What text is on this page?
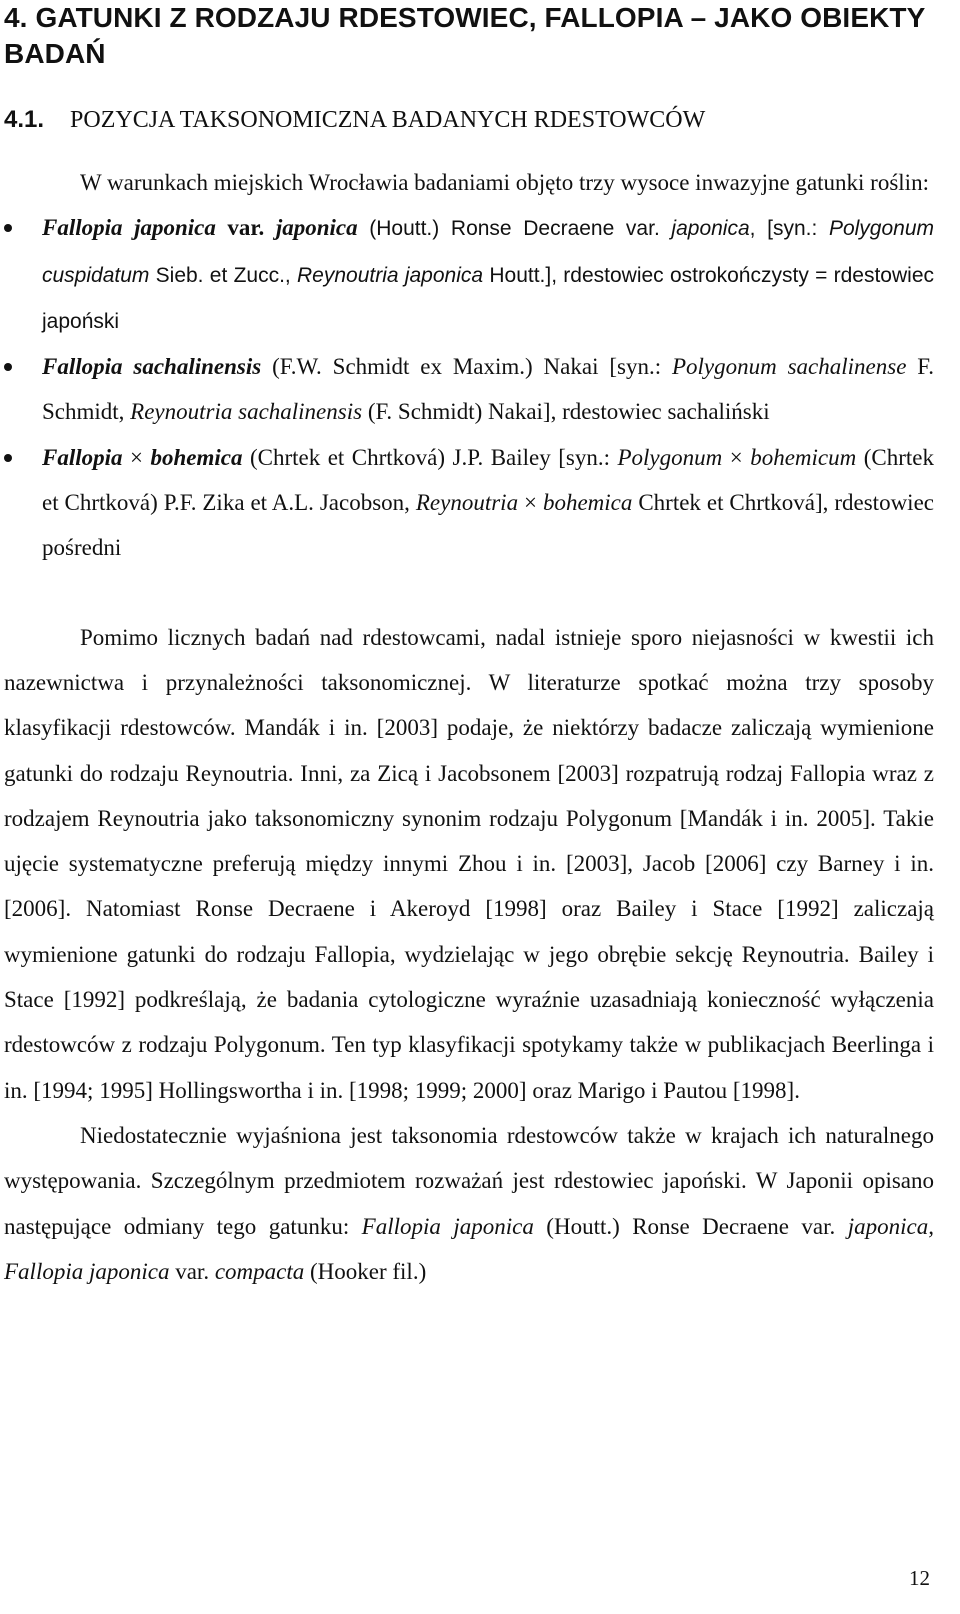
4. GATUNKI Z RODZAJU RDESTOWIEC, FALLOPIA – JAKO OBIEKTY BADAŃ
4.1. POZYCJA TAKSONOMICZNA BADANYCH RDESTOWCÓW

W warunkach miejskich Wrocławia badaniami objęto trzy wysoce inwazyjne gatunki roślin:

Fallopia japonica var. japonica (Houtt.) Ronse Decraene var. japonica, [syn.: Polygonum cuspidatum Sieb. et Zucc., Reynoutria japonica Houtt.], rdestowiec ostrokończysty = rdestowiec japoński
Fallopia sachalinensis (F.W. Schmidt ex Maxim.) Nakai [syn.: Polygonum sachalinense F. Schmidt, Reynoutria sachalinensis (F. Schmidt) Nakai], rdestowiec sachaliński
Fallopia × bohemica (Chrtek et Chrtková) J.P. Bailey [syn.: Polygonum × bohemicum (Chrtek et Chrtková) P.F. Zika et A.L. Jacobson, Reynoutria × bohemica Chrtek et Chrtková], rdestowiec pośredni

Pomimo licznych badań nad rdestowcami, nadal istnieje sporo niejasności w kwestii ich nazewnictwa i przynależności taksonomicznej. W literaturze spotkać można trzy sposoby klasyfikacji rdestowców. Mandák i in. [2003] podaje, że niektórzy badacze zaliczają wymienione gatunki do rodzaju Reynoutria. Inni, za Zicą i Jacobsonem [2003] rozpatrują rodzaj Fallopia wraz z rodzajem Reynoutria jako taksonomiczny synonim rodzaju Polygonum [Mandák i in. 2005]. Takie ujęcie systematyczne preferują między innymi Zhou i in. [2003], Jacob [2006] czy Barney i in. [2006]. Natomiast Ronse Decraene i Akeroyd [1998] oraz Bailey i Stace [1992] zaliczają wymienione gatunki do rodzaju Fallopia, wydzielając w jego obrębie sekcję Reynoutria. Bailey i Stace [1992] podkreślają, że badania cytologiczne wyraźnie uzasadniają konieczność wyłączenia rdestowców z rodzaju Polygonum. Ten typ klasyfikacji spotykamy także w publikacjach Beerlinga i in. [1994; 1995] Hollingswortha i in. [1998; 1999; 2000] oraz Marigo i Pautou [1998].

Niedostatecznie wyjaśniona jest taksonomia rdestowców także w krajach ich naturalnego występowania. Szczególnym przedmiotem rozważań jest rdestowiec japoński. W Japonii opisano następujące odmiany tego gatunku: Fallopia japonica (Houtt.) Ronse Decraene var. japonica, Fallopia japonica var. compacta (Hooker fil.)

12
